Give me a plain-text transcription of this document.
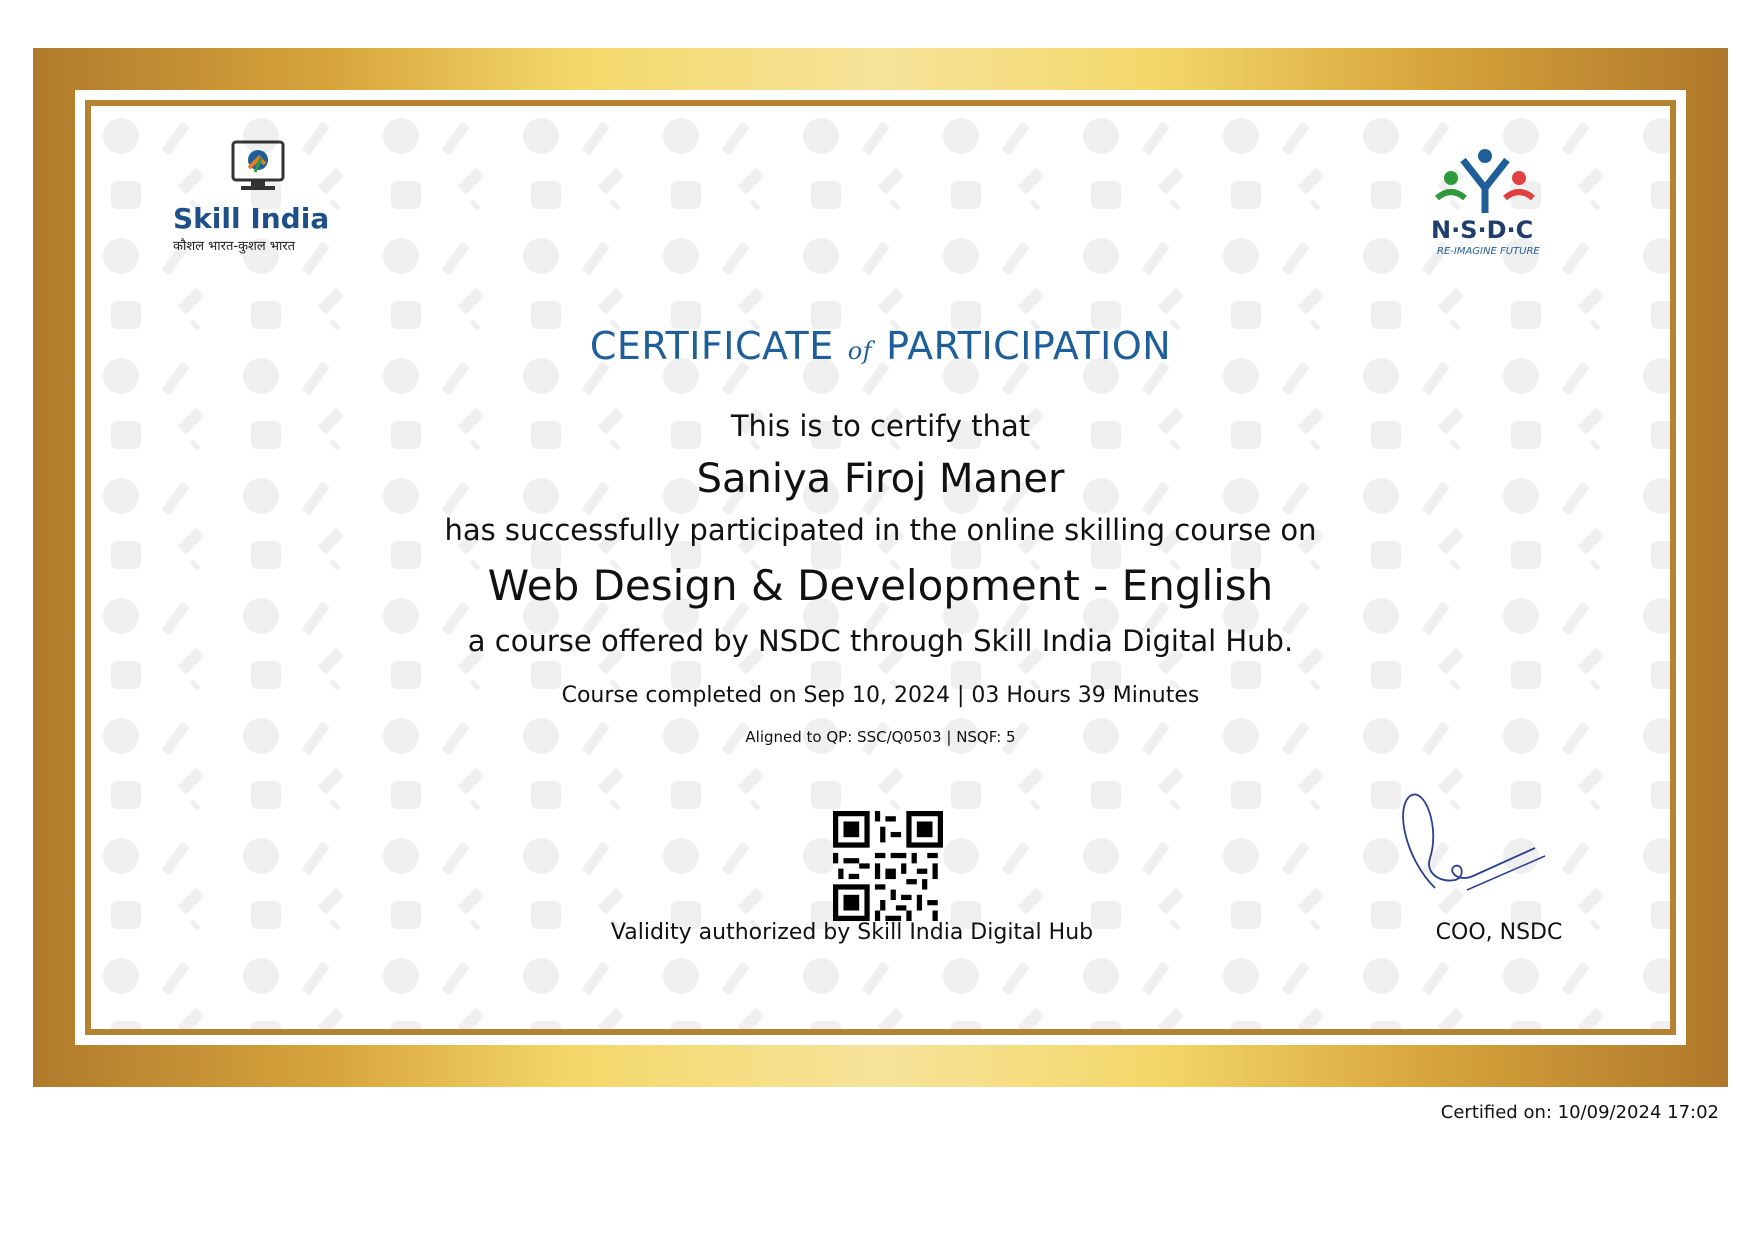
Skill India
कौशल भारत-कुशल भारत
N·S·D·C
RE-IMAGINE FUTURE
CERTIFICATE of PARTICIPATION
This is to certify that
Saniya Firoj Maner
has successfully participated in the online skilling course on
Web Design & Development - English
a course offered by NSDC through Skill India Digital Hub.
Course completed on Sep 10, 2024 | 03 Hours 39 Minutes
Aligned to QP: SSC/Q0503 | NSQF: 5
Validity authorized by Skill India Digital Hub	COO, NSDC
Certified on: 10/09/2024 17:02
